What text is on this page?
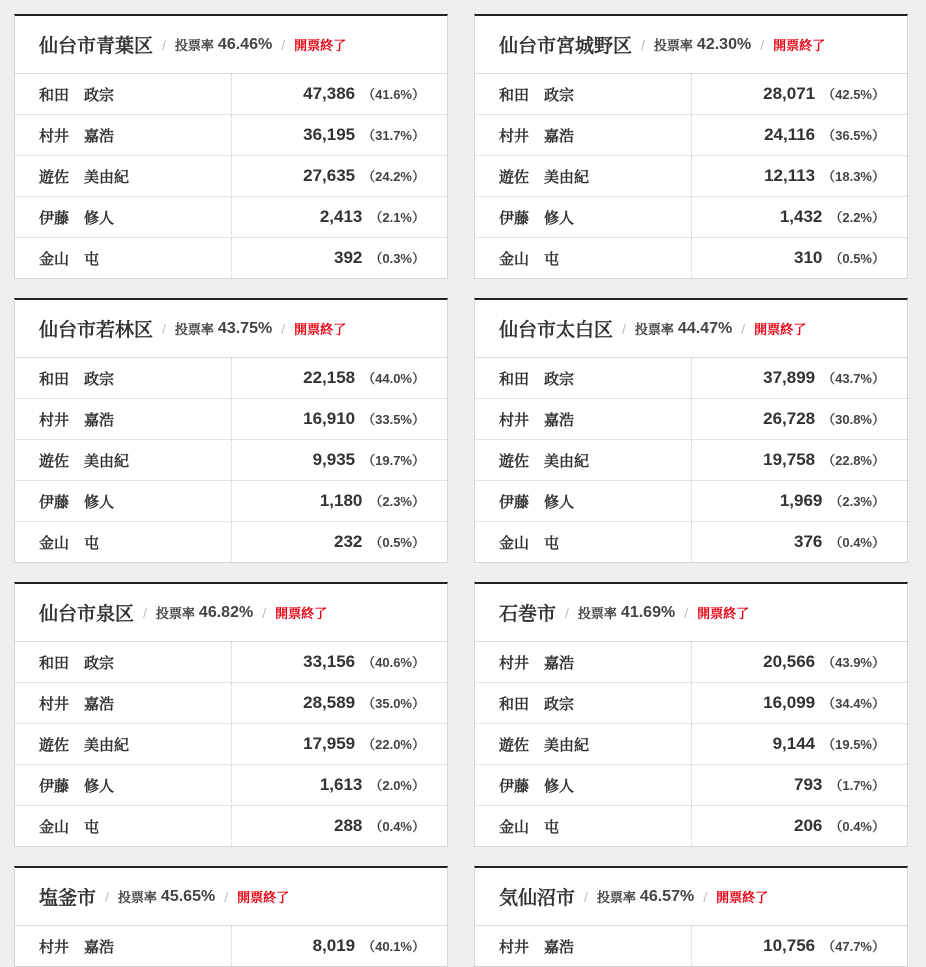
仙台市青葉区 / 投票率 46.46% / 開票終了
和田　政宗	47,386 （41.6%）
村井　嘉浩	36,195 （31.7%）
遊佐　美由紀	27,635 （24.2%）
伊藤　修人	2,413 （2.1%）
金山　屯	392 （0.3%）
仙台市宮城野区 / 投票率 42.30% / 開票終了
和田　政宗	28,071 （42.5%）
村井　嘉浩	24,116 （36.5%）
遊佐　美由紀	12,113 （18.3%）
伊藤　修人	1,432 （2.2%）
金山　屯	310 （0.5%）
仙台市若林区 / 投票率 43.75% / 開票終了
和田　政宗	22,158 （44.0%）
村井　嘉浩	16,910 （33.5%）
遊佐　美由紀	9,935 （19.7%）
伊藤　修人	1,180 （2.3%）
金山　屯	232 （0.5%）
仙台市太白区 / 投票率 44.47% / 開票終了
和田　政宗	37,899 （43.7%）
村井　嘉浩	26,728 （30.8%）
遊佐　美由紀	19,758 （22.8%）
伊藤　修人	1,969 （2.3%）
金山　屯	376 （0.4%）
仙台市泉区 / 投票率 46.82% / 開票終了
和田　政宗	33,156 （40.6%）
村井　嘉浩	28,589 （35.0%）
遊佐　美由紀	17,959 （22.0%）
伊藤　修人	1,613 （2.0%）
金山　屯	288 （0.4%）
石巻市 / 投票率 41.69% / 開票終了
村井　嘉浩	20,566 （43.9%）
和田　政宗	16,099 （34.4%）
遊佐　美由紀	9,144 （19.5%）
伊藤　修人	793 （1.7%）
金山　屯	206 （0.4%）
塩釜市 / 投票率 45.65% / 開票終了
村井　嘉浩	8,019 （40.1%）
気仙沼市 / 投票率 46.57% / 開票終了
村井　嘉浩	10,756 （47.7%）
